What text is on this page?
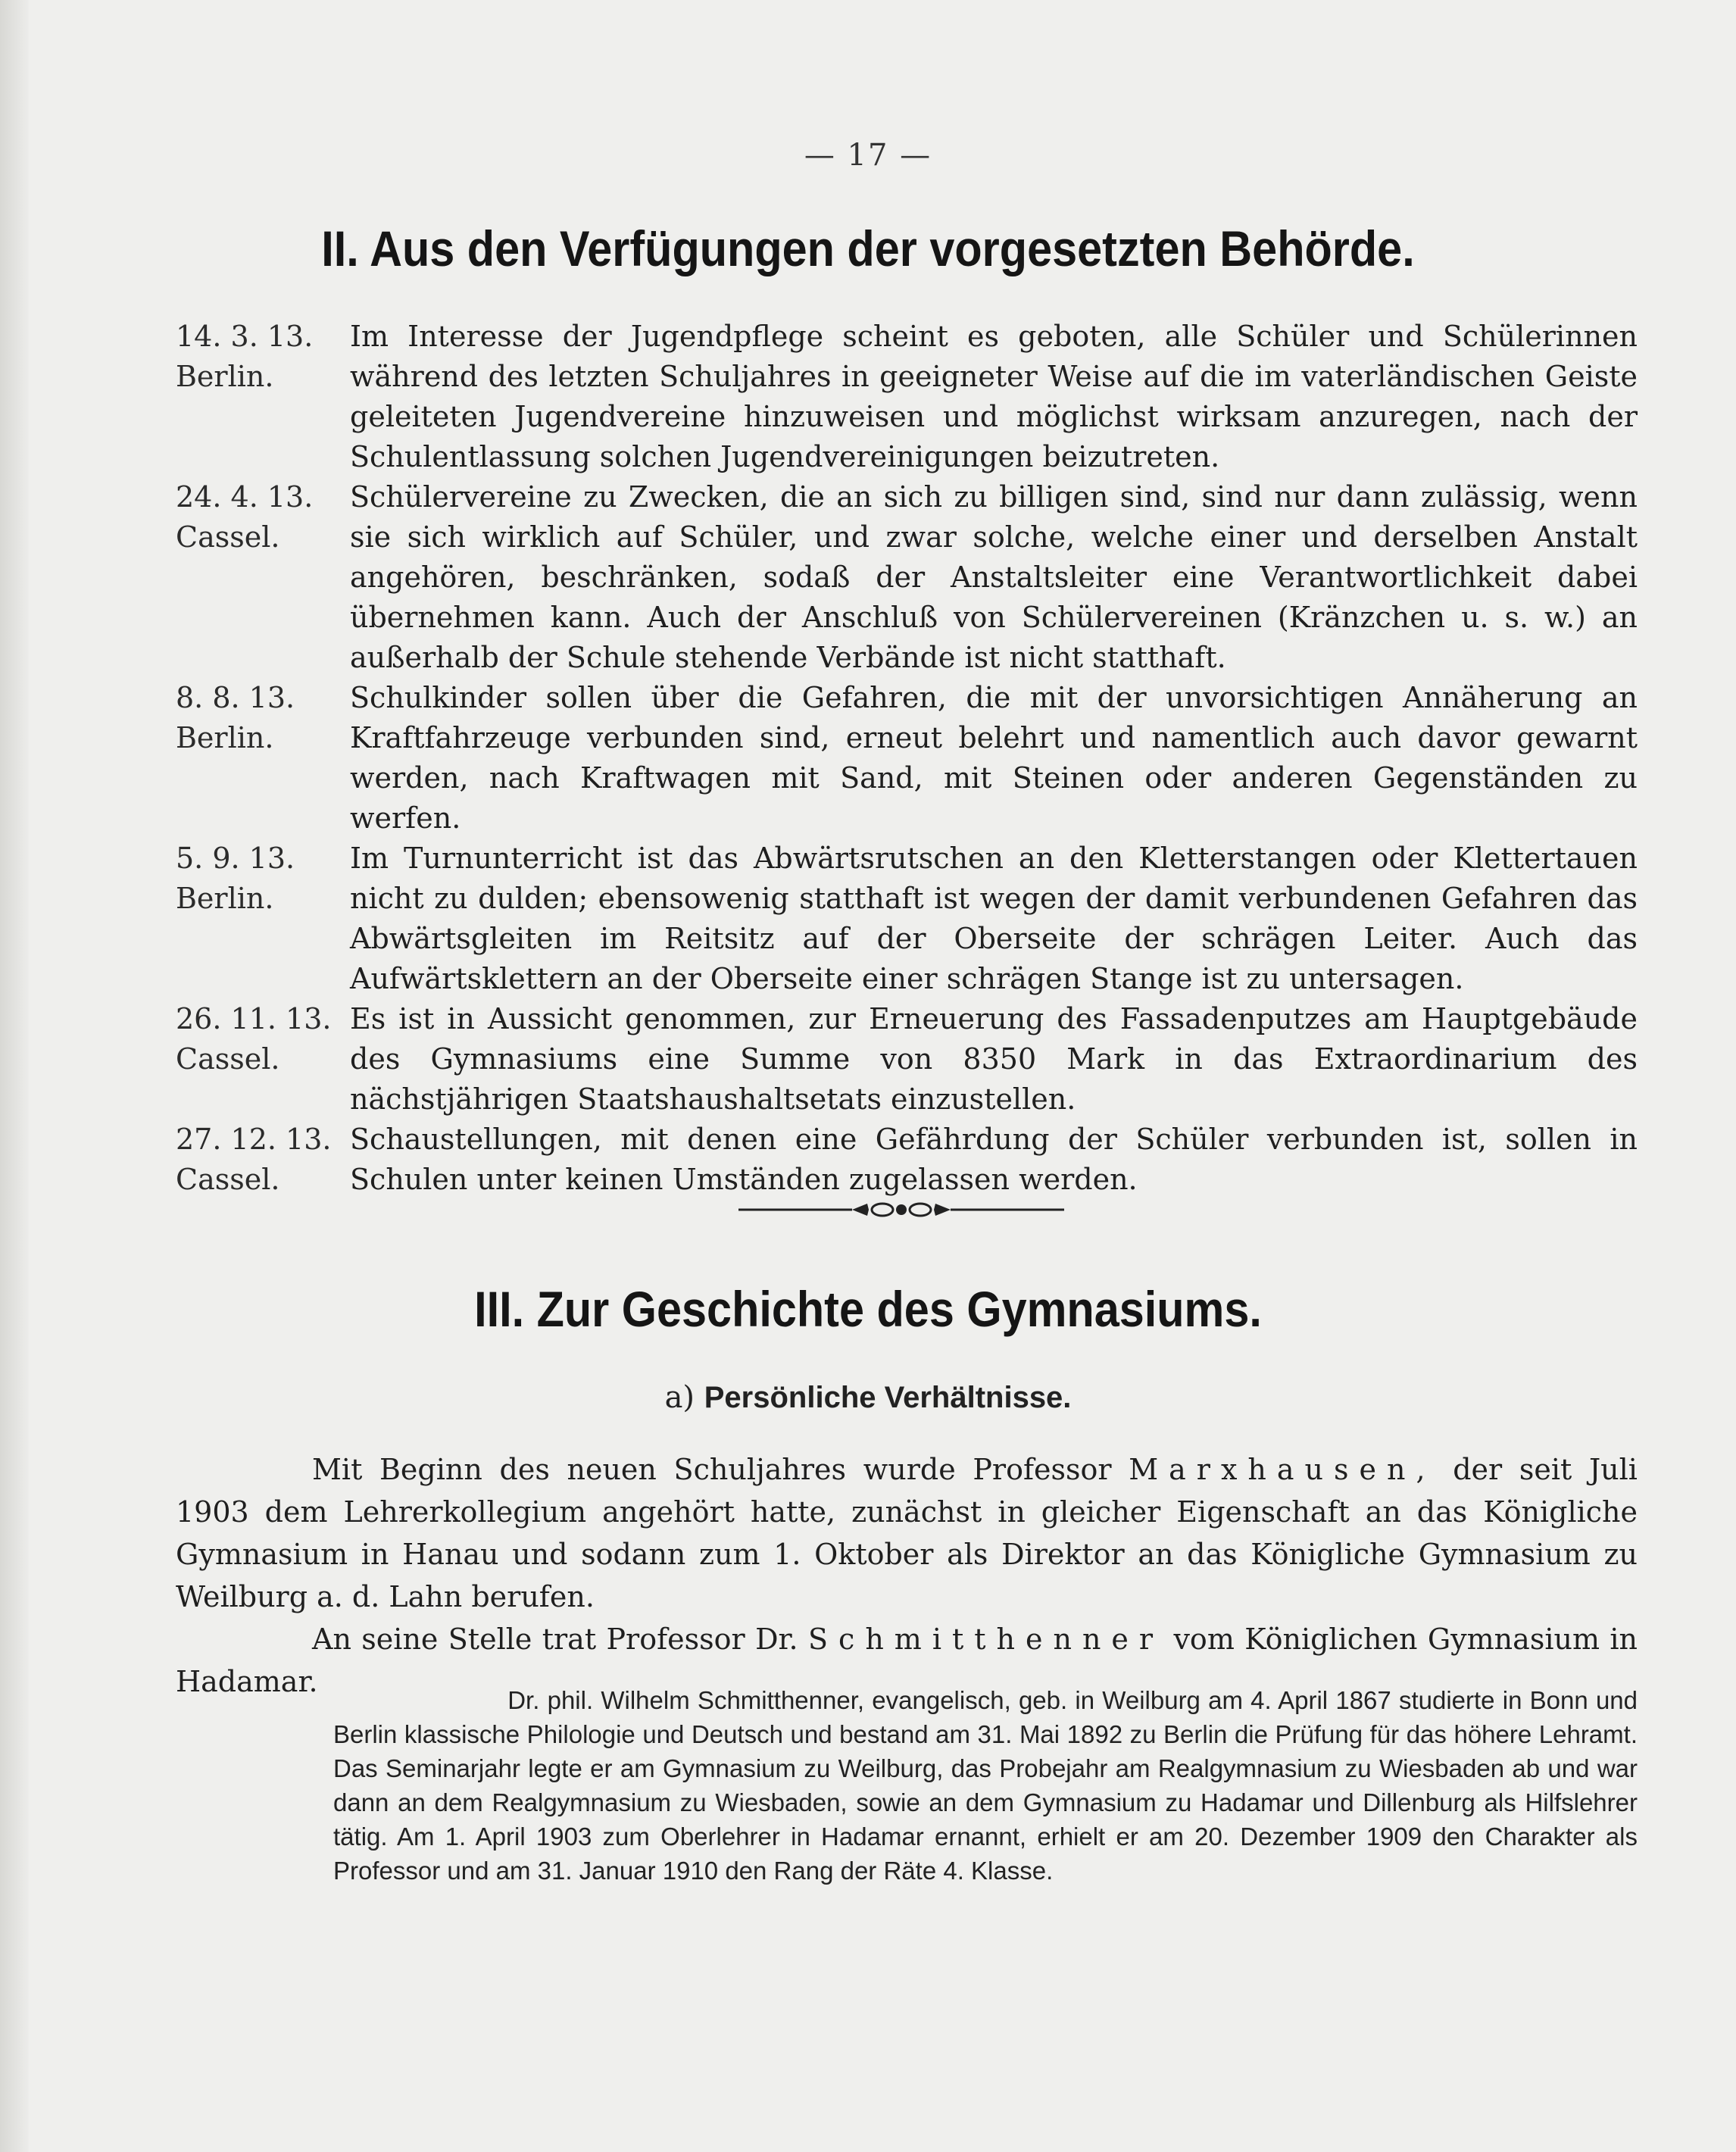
— 17 —
II. Aus den Verfügungen der vorgesetzten Behörde.
14. 3. 13.
Berlin.
Im Interesse der Jugendpflege scheint es geboten, alle Schüler und Schülerinnen während des letzten Schuljahres in geeigneter Weise auf die im vaterländischen Geiste geleiteten Jugendvereine hinzuweisen und möglichst wirksam anzuregen, nach der Schulentlassung solchen Jugendvereinigungen beizutreten.
24. 4. 13.
Cassel.
Schülervereine zu Zwecken, die an sich zu billigen sind, sind nur dann zulässig, wenn sie sich wirklich auf Schüler, und zwar solche, welche einer und derselben Anstalt angehören, beschränken, sodaß der Anstaltsleiter eine Verantwortlichkeit dabei übernehmen kann. Auch der Anschluß von Schülervereinen (Kränzchen u. s. w.) an außerhalb der Schule stehende Verbände ist nicht statthaft.
8. 8. 13.
Berlin.
Schulkinder sollen über die Gefahren, die mit der unvorsichtigen Annäherung an Kraftfahrzeuge verbunden sind, erneut belehrt und namentlich auch davor gewarnt werden, nach Kraftwagen mit Sand, mit Steinen oder anderen Gegenständen zu werfen.
5. 9. 13.
Berlin.
Im Turnunterricht ist das Abwärtsrutschen an den Kletterstangen oder Klettertauen nicht zu dulden; ebensowenig statthaft ist wegen der damit verbundenen Gefahren das Abwärtsgleiten im Reitsitz auf der Oberseite der schrägen Leiter. Auch das Aufwärtsklettern an der Oberseite einer schrägen Stange ist zu untersagen.
26. 11. 13.
Cassel.
Es ist in Aussicht genommen, zur Erneuerung des Fassadenputzes am Hauptgebäude des Gymnasiums eine Summe von 8350 Mark in das Extraordinarium des nächstjährigen Staatshaushaltsetats einzustellen.
27. 12. 13.
Cassel.
Schaustellungen, mit denen eine Gefährdung der Schüler verbunden ist, sollen in Schulen unter keinen Umständen zugelassen werden.
III. Zur Geschichte des Gymnasiums.
a) Persönliche Verhältnisse.

Mit Beginn des neuen Schuljahres wurde Professor Marxhausen, der seit Juli 1903 dem Lehrerkollegium angehört hatte, zunächst in gleicher Eigenschaft an das Königliche Gymnasium in Hanau und sodann zum 1. Oktober als Direktor an das Königliche Gymnasium zu Weilburg a. d. Lahn berufen.

An seine Stelle trat Professor Dr. Schmitthenner vom Königlichen Gymnasium in Hadamar.

Dr. phil. Wilhelm Schmitthenner, evangelisch, geb. in Weilburg am 4. April 1867 studierte in Bonn und Berlin klassische Philologie und Deutsch und bestand am 31. Mai 1892 zu Berlin die Prüfung für das höhere Lehramt. Das Seminarjahr legte er am Gymnasium zu Weilburg, das Probejahr am Realgymnasium zu Wiesbaden ab und war dann an dem Realgymnasium zu Wiesbaden, sowie an dem Gymnasium zu Hadamar und Dillenburg als Hilfslehrer tätig. Am 1. April 1903 zum Oberlehrer in Hadamar ernannt, erhielt er am 20. Dezember 1909 den Charakter als Professor und am 31. Januar 1910 den Rang der Räte 4. Klasse.
